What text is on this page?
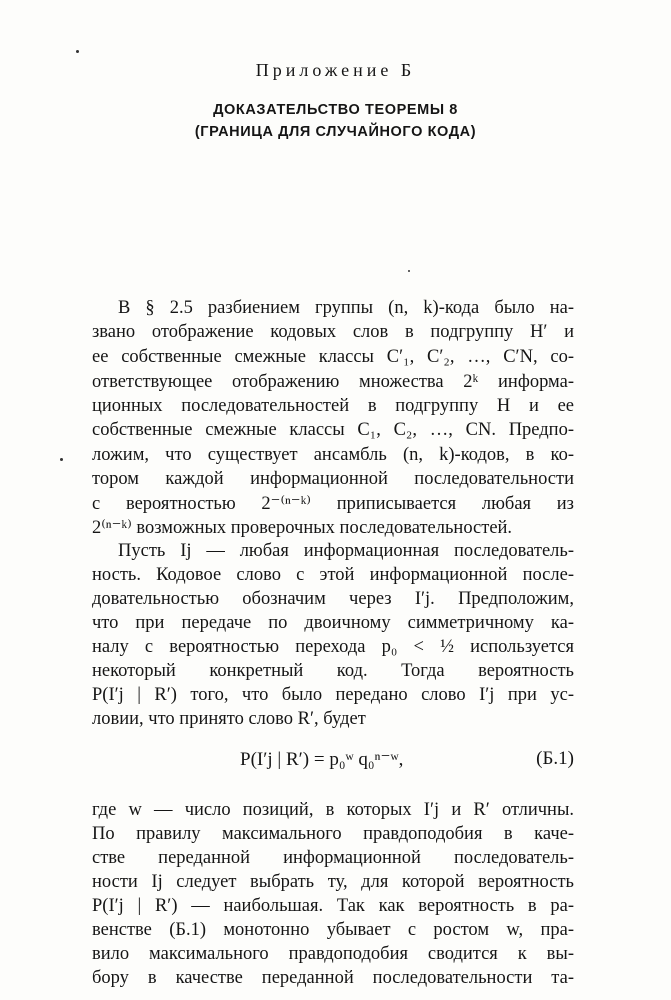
Приложение Б
ДОКАЗАТЕЛЬСТВО ТЕОРЕМЫ 8
(ГРАНИЦА ДЛЯ СЛУЧАЙНОГО КОДА)
В § 2.5 разбиением группы (n, k)-кода было на-
звано отображение кодовых слов в подгруппу H′ и
ее собственные смежные классы C′₁, C′₂, …, C′N, со-
ответствующее отображению множества 2ᵏ информа-
ционных последовательностей в подгруппу H и ее
собственные смежные классы C₁, C₂, …, CN. Предпо-
ложим, что существует ансамбль (n, k)-кодов, в ко-
тором каждой информационной последовательности
с вероятностью 2⁻⁽ⁿ⁻ᵏ⁾ приписывается любая из
2⁽ⁿ⁻ᵏ⁾ возможных проверочных последовательностей.
Пусть Ij — любая информационная последователь-
ность. Кодовое слово с этой информационной после-
довательностью обозначим через I′j. Предположим,
что при передаче по двоичному симметричному ка-
налу с вероятностью перехода p₀ < ½ используется
некоторый конкретный код. Тогда вероятность
P(I′j | R′) того, что было передано слово I′j при ус-
ловии, что принято слово R′, будет
P(I′j | R′) = p₀ʷ q₀ⁿ⁻ʷ,	(Б.1)
где w — число позиций, в которых I′j и R′ отличны.
По правилу максимального правдоподобия в каче-
стве переданной информационной последователь-
ности Ij следует выбрать ту, для которой вероятность
P(I′j | R′) — наибольшая. Так как вероятность в ра-
венстве (Б.1) монотонно убывает с ростом w, пра-
вило максимального правдоподобия сводится к вы-
бору в качестве переданной последовательности та-
